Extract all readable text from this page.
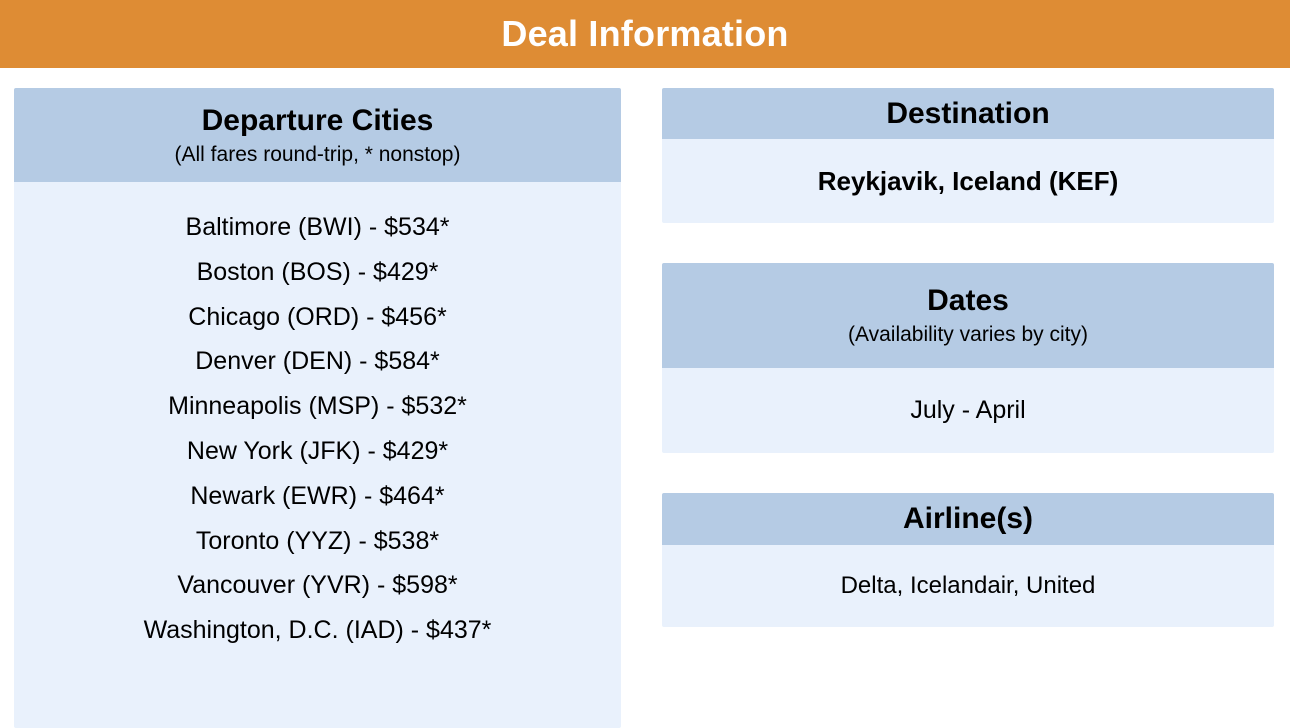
Deal Information
Departure Cities
(All fares round-trip, * nonstop)
Baltimore (BWI) - $534*
Boston (BOS) - $429*
Chicago (ORD) - $456*
Denver (DEN) - $584*
Minneapolis (MSP) - $532*
New York (JFK) - $429*
Newark (EWR) - $464*
Toronto (YYZ) - $538*
Vancouver (YVR) - $598*
Washington, D.C. (IAD) - $437*
Destination
Reykjavik, Iceland (KEF)
Dates
(Availability varies by city)
July - April
Airline(s)
Delta, Icelandair, United
